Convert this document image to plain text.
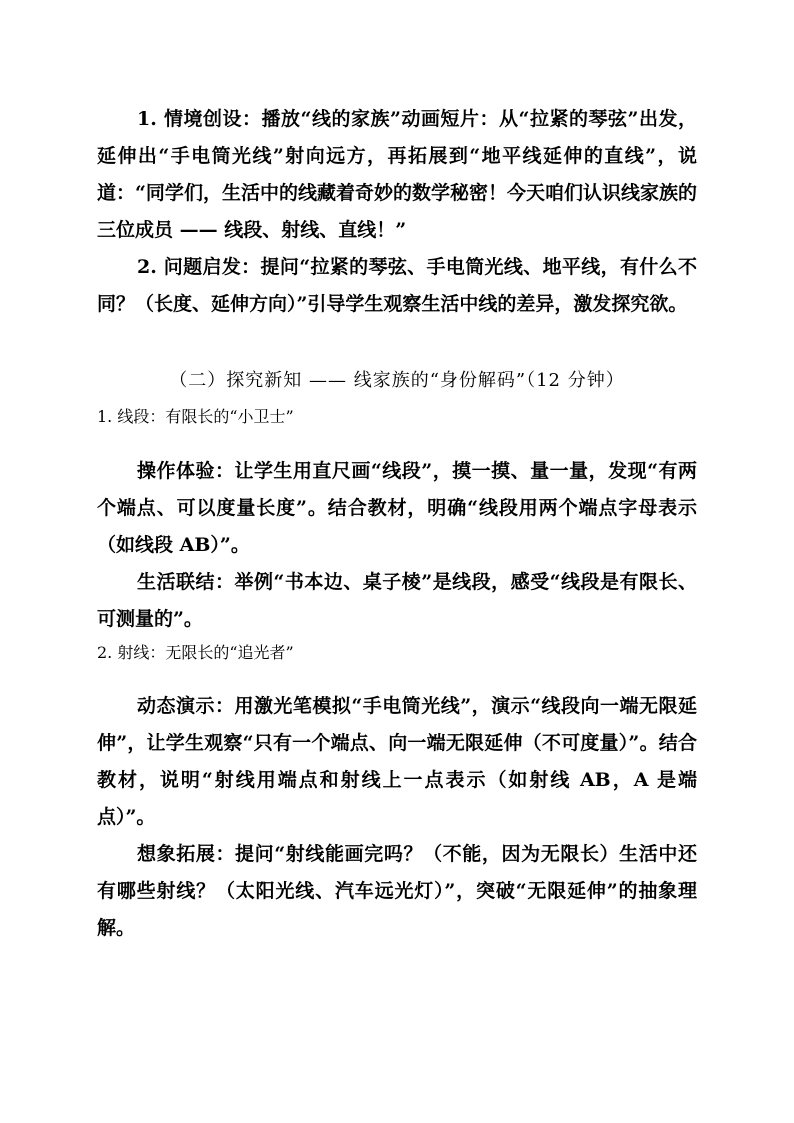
1. 情境创设：播放“线的家族”动画短片：从“拉紧的琴弦”出发，延伸出“手电筒光线”射向远方，再拓展到“地平线延伸的直线”，说道：“同学们，生活中的线藏着奇妙的数学秘密！今天咱们认识线家族的三位成员 —— 线段、射线、直线！”

2. 问题启发：提问“拉紧的琴弦、手电筒光线、地平线，有什么不同？（长度、延伸方向）”引导学生观察生活中线的差异，激发探究欲。

（二）探究新知 —— 线家族的“身份解码”（12 分钟）

1. 线段：有限长的“小卫士”

操作体验：让学生用直尺画“线段”，摸一摸、量一量，发现“有两个端点、可以度量长度”。结合教材，明确“线段用两个端点字母表示（如线段 AB）”。

生活联结：举例“书本边、桌子棱”是线段，感受“线段是有限长、可测量的”。

2. 射线：无限长的“追光者”

动态演示：用激光笔模拟“手电筒光线”，演示“线段向一端无限延伸”，让学生观察“只有一个端点、向一端无限延伸（不可度量）”。结合教材，说明“射线用端点和射线上一点表示（如射线 AB，A 是端点）”。

想象拓展：提问“射线能画完吗？（不能，因为无限长）生活中还有哪些射线？（太阳光线、汽车远光灯）”，突破“无限延伸”的抽象理解。
